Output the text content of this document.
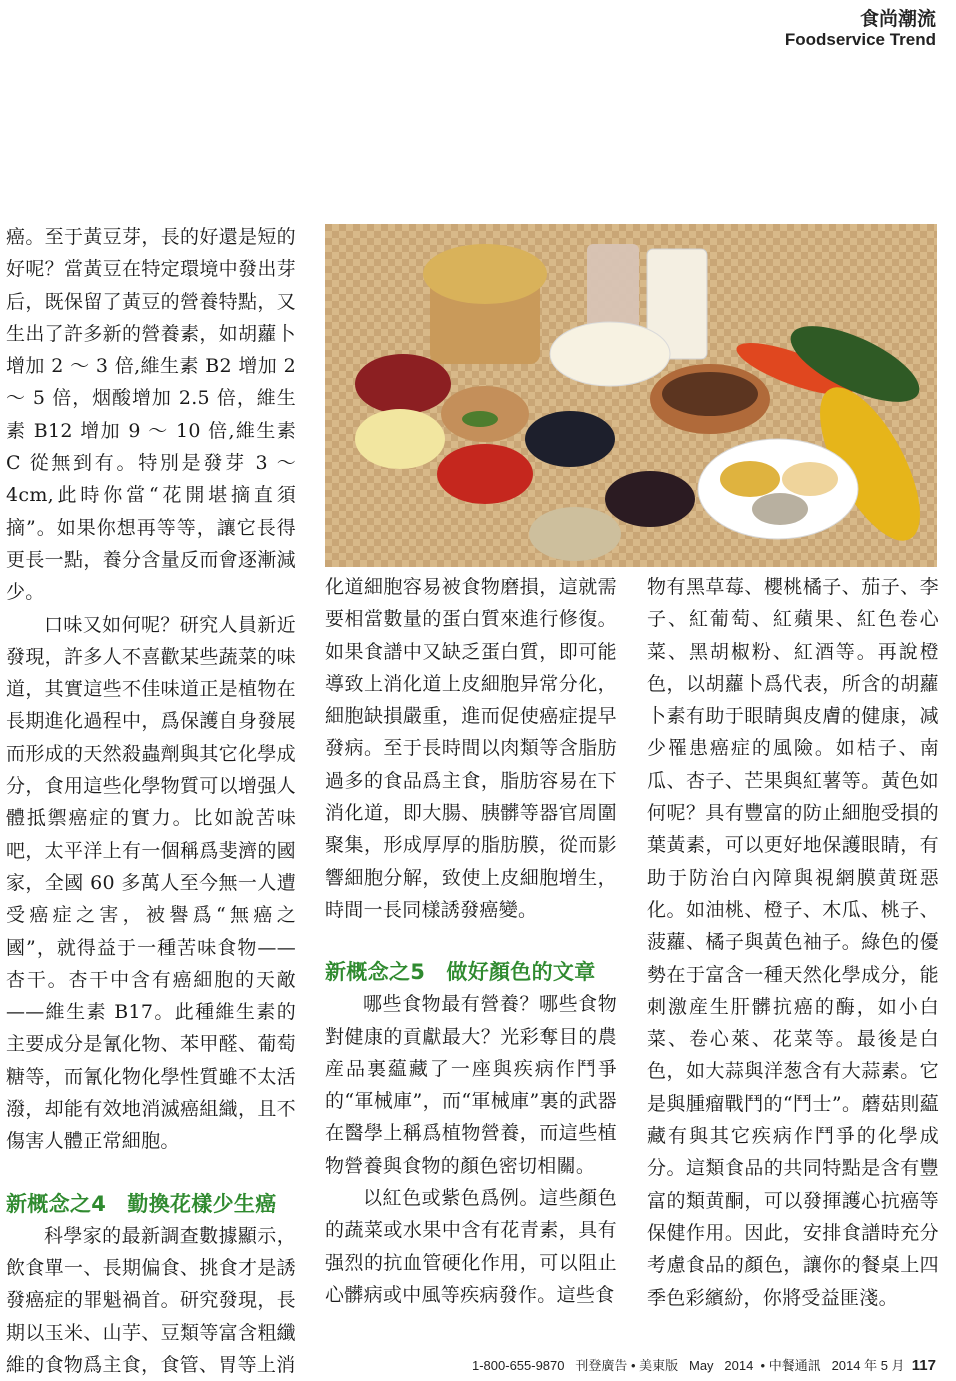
食尚潮流
Foodservice Trend

癌。至于黃豆芽，長的好還是短的好呢？當黃豆在特定環境中發出芽后，既保留了黃豆的營養特點，又生出了許多新的營養素，如胡蘿卜增加 2 ～ 3 倍,維生素 B2 增加 2 ～ 5 倍，烟酸增加 2.5 倍，維生素 B12 增加 9 ～ 10 倍,維生素 C 從無到有。特別是發芽 3 ～ 4cm,此時你當“花開堪摘直須摘”。如果你想再等等，讓它長得更長一點，養分含量反而會逐漸減少。

口味又如何呢？研究人員新近發現，許多人不喜歡某些蔬菜的味道，其實這些不佳味道正是植物在長期進化過程中，爲保護自身發展而形成的天然殺蟲劑與其它化學成分，食用這些化學物質可以增强人體抵禦癌症的實力。比如說苦味吧，太平洋上有一個稱爲斐濟的國家，全國 60 多萬人至今無一人遭受癌症之害，被譽爲“無癌之國”，就得益于一種苦味食物——杏干。杏干中含有癌細胞的天敵——維生素 B17。此種維生素的主要成分是氰化物、苯甲醛、葡萄糖等，而氰化物化學性質雖不太活潑，却能有效地消滅癌組織，且不傷害人體正常細胞。

新概念之4　勤換花樣少生癌

科學家的最新調查數據顯示，飲食單一、長期偏食、挑食才是誘發癌症的罪魁禍首。研究發現，長期以玉米、山芋、豆類等富含粗纖維的食物爲主食，食管、胃等上消

化道細胞容易被食物磨損，這就需要相當數量的蛋白質來進行修復。如果食譜中又缺乏蛋白質，即可能導致上消化道上皮細胞异常分化，細胞缺損嚴重，進而促使癌症提早發病。至于長時間以肉類等含脂肪過多的食品爲主食，脂肪容易在下消化道，即大腸、胰髒等器官周圍聚集，形成厚厚的脂肪膜，從而影響細胞分解，致使上皮細胞增生，時間一長同樣誘發癌變。

新概念之5　做好顏色的文章

哪些食物最有營養？哪些食物對健康的貢獻最大？光彩奪目的農産品裏藴藏了一座與疾病作鬥爭的“軍械庫”，而“軍械庫”裏的武器在醫學上稱爲植物營養，而這些植物營養與食物的顏色密切相關。

以紅色或紫色爲例。這些顏色的蔬菜或水果中含有花青素，具有强烈的抗血管硬化作用，可以阻止心髒病或中風等疾病發作。這些食

物有黑草莓、櫻桃橘子、茄子、李子、紅葡萄、紅蘋果、紅色卷心菜、黑胡椒粉、紅酒等。再說橙色，以胡蘿卜爲代表，所含的胡蘿卜素有助于眼睛與皮膚的健康，减少罹患癌症的風險。如桔子、南瓜、杏子、芒果與紅薯等。黃色如何呢？具有豐富的防止細胞受損的葉黃素，可以更好地保護眼睛，有助于防治白內障與視網膜黄斑惡化。如油桃、橙子、木瓜、桃子、菠蘿、橘子與黃色袖子。綠色的優勢在于富含一種天然化學成分，能刺激産生肝髒抗癌的酶，如小白菜、卷心萊、花菜等。最後是白色，如大蒜與洋葱含有大蒜素。它是與腫瘤戰鬥的“鬥士”。蘑菇則藴藏有與其它疾病作鬥爭的化學成分。這類食品的共同特點是含有豐富的類黄酮，可以發揮護心抗癌等保健作用。因此，安排食譜時充分考慮食品的顏色，讓你的餐桌上四季色彩繽紛，你將受益匪淺。

1-800-655-9870 刊登廣告 • 美東版 May 2014 • 中餐通訊 2014 年 5 月 117
